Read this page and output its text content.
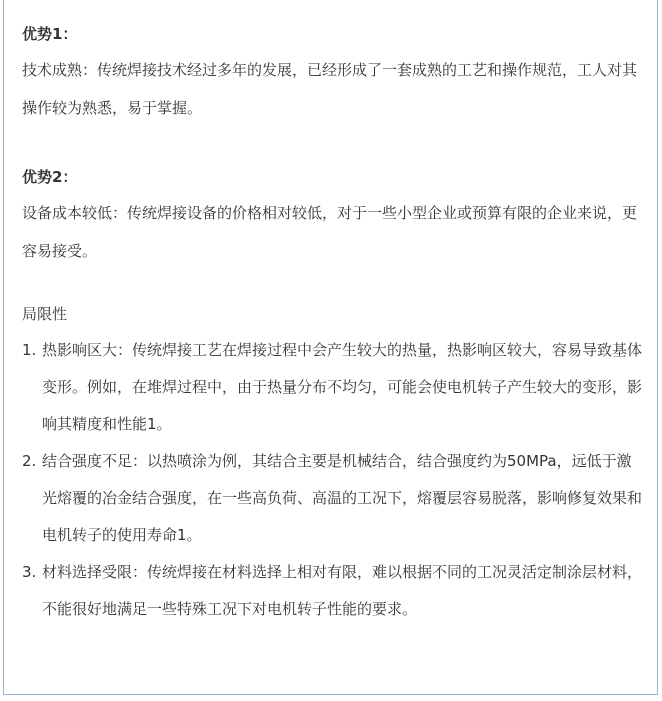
优势1：
技术成熟：传统焊接技术经过多年的发展，已经形成了一套成熟的工艺和操作规范，工人对其操作较为熟悉，易于掌握。
优势2：
设备成本较低：传统焊接设备的价格相对较低，对于一些小型企业或预算有限的企业来说，更容易接受。
局限性
1. 热影响区大：传统焊接工艺在焊接过程中会产生较大的热量，热影响区较大，容易导致基体变形。例如，在堆焊过程中，由于热量分布不均匀，可能会使电机转子产生较大的变形，影响其精度和性能1。
2. 结合强度不足：以热喷涂为例，其结合主要是机械结合，结合强度约为50MPa，远低于激光熔覆的冶金结合强度，在一些高负荷、高温的工况下，熔覆层容易脱落，影响修复效果和电机转子的使用寿命1。
3. 材料选择受限：传统焊接在材料选择上相对有限，难以根据不同的工况灵活定制涂层材料，不能很好地满足一些特殊工况下对电机转子性能的要求。
